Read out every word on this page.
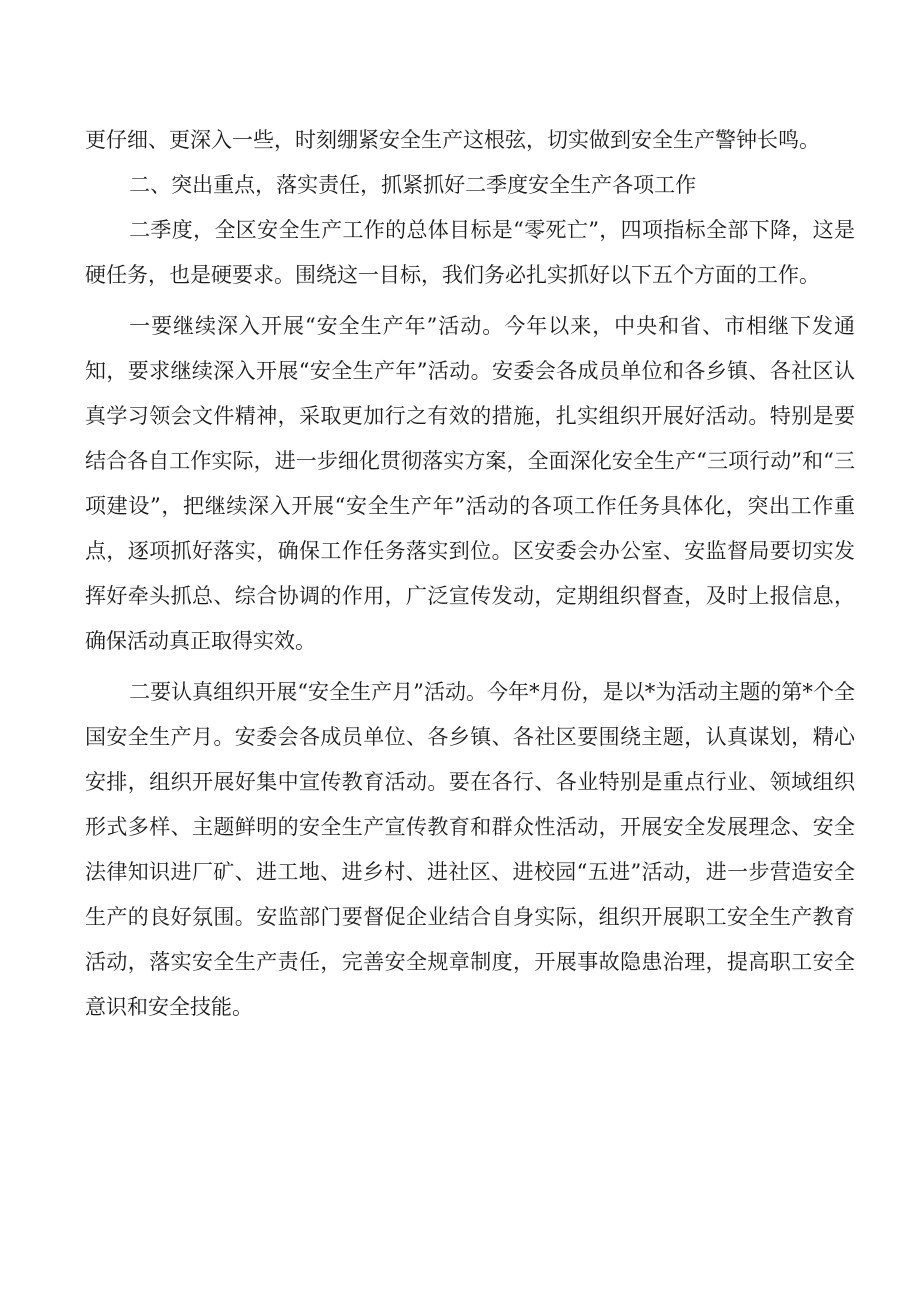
更仔细、更深入一些，时刻绷紧安全生产这根弦，切实做到安全生产警钟长鸣。

二、突出重点，落实责任，抓紧抓好二季度安全生产各项工作

二季度，全区安全生产工作的总体目标是“零死亡”，四项指标全部下降，这是硬任务，也是硬要求。围绕这一目标，我们务必扎实抓好以下五个方面的工作。

一要继续深入开展“安全生产年”活动。今年以来，中央和省、市相继下发通知，要求继续深入开展“安全生产年”活动。安委会各成员单位和各乡镇、各社区认真学习领会文件精神，采取更加行之有效的措施，扎实组织开展好活动。特别是要结合各自工作实际，进一步细化贯彻落实方案，全面深化安全生产“三项行动”和“三项建设”，把继续深入开展“安全生产年”活动的各项工作任务具体化，突出工作重点，逐项抓好落实，确保工作任务落实到位。区安委会办公室、安监督局要切实发挥好牵头抓总、综合协调的作用，广泛宣传发动，定期组织督查，及时上报信息，确保活动真正取得实效。

二要认真组织开展“安全生产月”活动。今年*月份，是以*为活动主题的第*个全国安全生产月。安委会各成员单位、各乡镇、各社区要围绕主题，认真谋划，精心安排，组织开展好集中宣传教育活动。要在各行、各业特别是重点行业、领域组织形式多样、主题鲜明的安全生产宣传教育和群众性活动，开展安全发展理念、安全法律知识进厂矿、进工地、进乡村、进社区、进校园“五进”活动，进一步营造安全生产的良好氛围。安监部门要督促企业结合自身实际，组织开展职工安全生产教育活动，落实安全生产责任，完善安全规章制度，开展事故隐患治理，提高职工安全意识和安全技能。
